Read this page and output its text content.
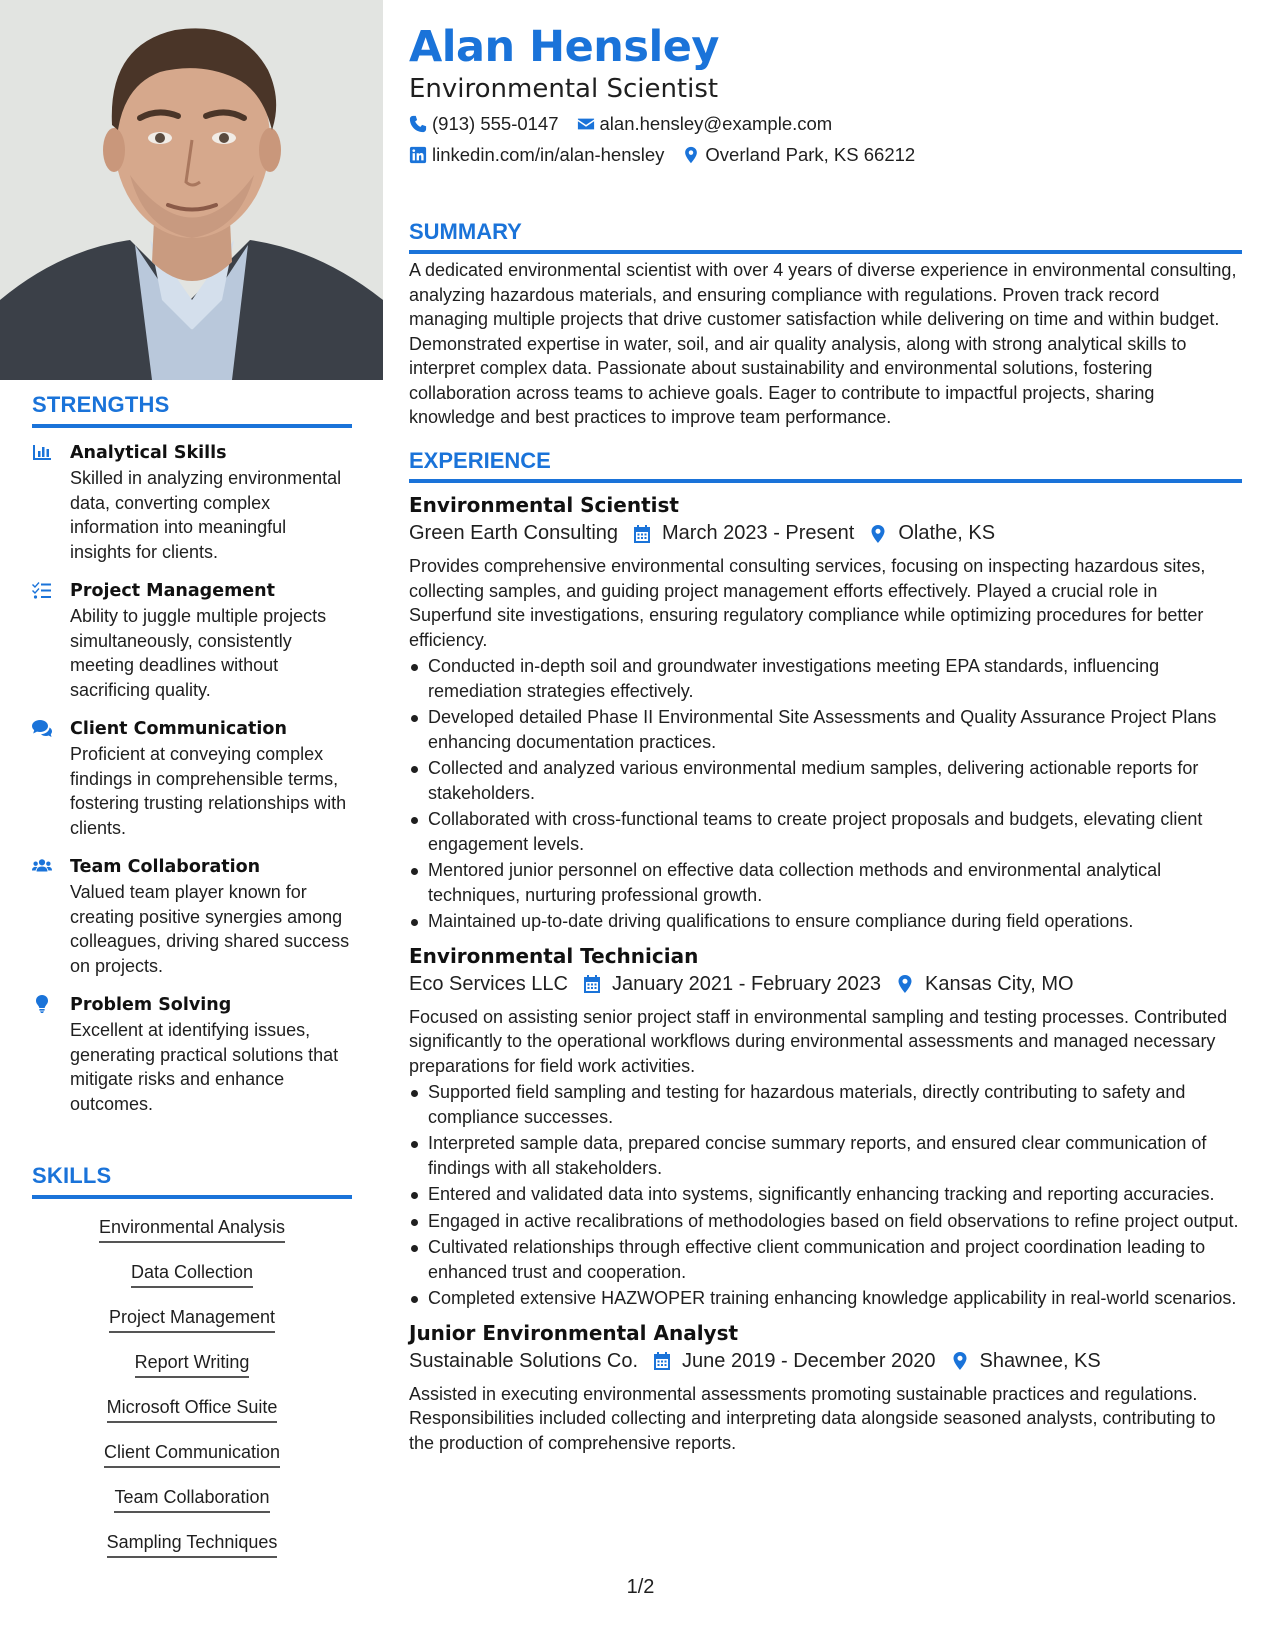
STRENGTHS
Analytical Skills
Skilled in analyzing environmental data, converting complex information into meaningful insights for clients.
Project Management
Ability to juggle multiple projects simultaneously, consistently meeting deadlines without sacrificing quality.
Client Communication
Proficient at conveying complex findings in comprehensible terms, fostering trusting relationships with clients.
Team Collaboration
Valued team player known for creating positive synergies among colleagues, driving shared success on projects.
Problem Solving
Excellent at identifying issues, generating practical solutions that mitigate risks and enhance outcomes.
SKILLS
Environmental Analysis
Data Collection
Project Management
Report Writing
Microsoft Office Suite
Client Communication
Team Collaboration
Sampling Techniques
Alan Hensley
Environmental Scientist
(913) 555-0147 alan.hensley@example.com
linkedin.com/in/alan-hensley Overland Park, KS 66212
SUMMARY
A dedicated environmental scientist with over 4 years of diverse experience in environmental consulting, analyzing hazardous materials, and ensuring compliance with regulations. Proven track record managing multiple projects that drive customer satisfaction while delivering on time and within budget. Demonstrated expertise in water, soil, and air quality analysis, along with strong analytical skills to interpret complex data. Passionate about sustainability and environmental solutions, fostering collaboration across teams to achieve goals. Eager to contribute to impactful projects, sharing knowledge and best practices to improve team performance.
EXPERIENCE
Environmental Scientist
Green Earth Consulting March 2023 - Present Olathe, KS
Provides comprehensive environmental consulting services, focusing on inspecting hazardous sites, collecting samples, and guiding project management efforts effectively. Played a crucial role in Superfund site investigations, ensuring regulatory compliance while optimizing procedures for better efficiency.
Conducted in-depth soil and groundwater investigations meeting EPA standards, influencing remediation strategies effectively.
Developed detailed Phase II Environmental Site Assessments and Quality Assurance Project Plans enhancing documentation practices.
Collected and analyzed various environmental medium samples, delivering actionable reports for stakeholders.
Collaborated with cross-functional teams to create project proposals and budgets, elevating client engagement levels.
Mentored junior personnel on effective data collection methods and environmental analytical techniques, nurturing professional growth.
Maintained up-to-date driving qualifications to ensure compliance during field operations.
Environmental Technician
Eco Services LLC January 2021 - February 2023 Kansas City, MO
Focused on assisting senior project staff in environmental sampling and testing processes. Contributed significantly to the operational workflows during environmental assessments and managed necessary preparations for field work activities.
Supported field sampling and testing for hazardous materials, directly contributing to safety and compliance successes.
Interpreted sample data, prepared concise summary reports, and ensured clear communication of findings with all stakeholders.
Entered and validated data into systems, significantly enhancing tracking and reporting accuracies.
Engaged in active recalibrations of methodologies based on field observations to refine project output.
Cultivated relationships through effective client communication and project coordination leading to enhanced trust and cooperation.
Completed extensive HAZWOPER training enhancing knowledge applicability in real-world scenarios.
Junior Environmental Analyst
Sustainable Solutions Co. June 2019 - December 2020 Shawnee, KS
Assisted in executing environmental assessments promoting sustainable practices and regulations. Responsibilities included collecting and interpreting data alongside seasoned analysts, contributing to the production of comprehensive reports.
1/2
